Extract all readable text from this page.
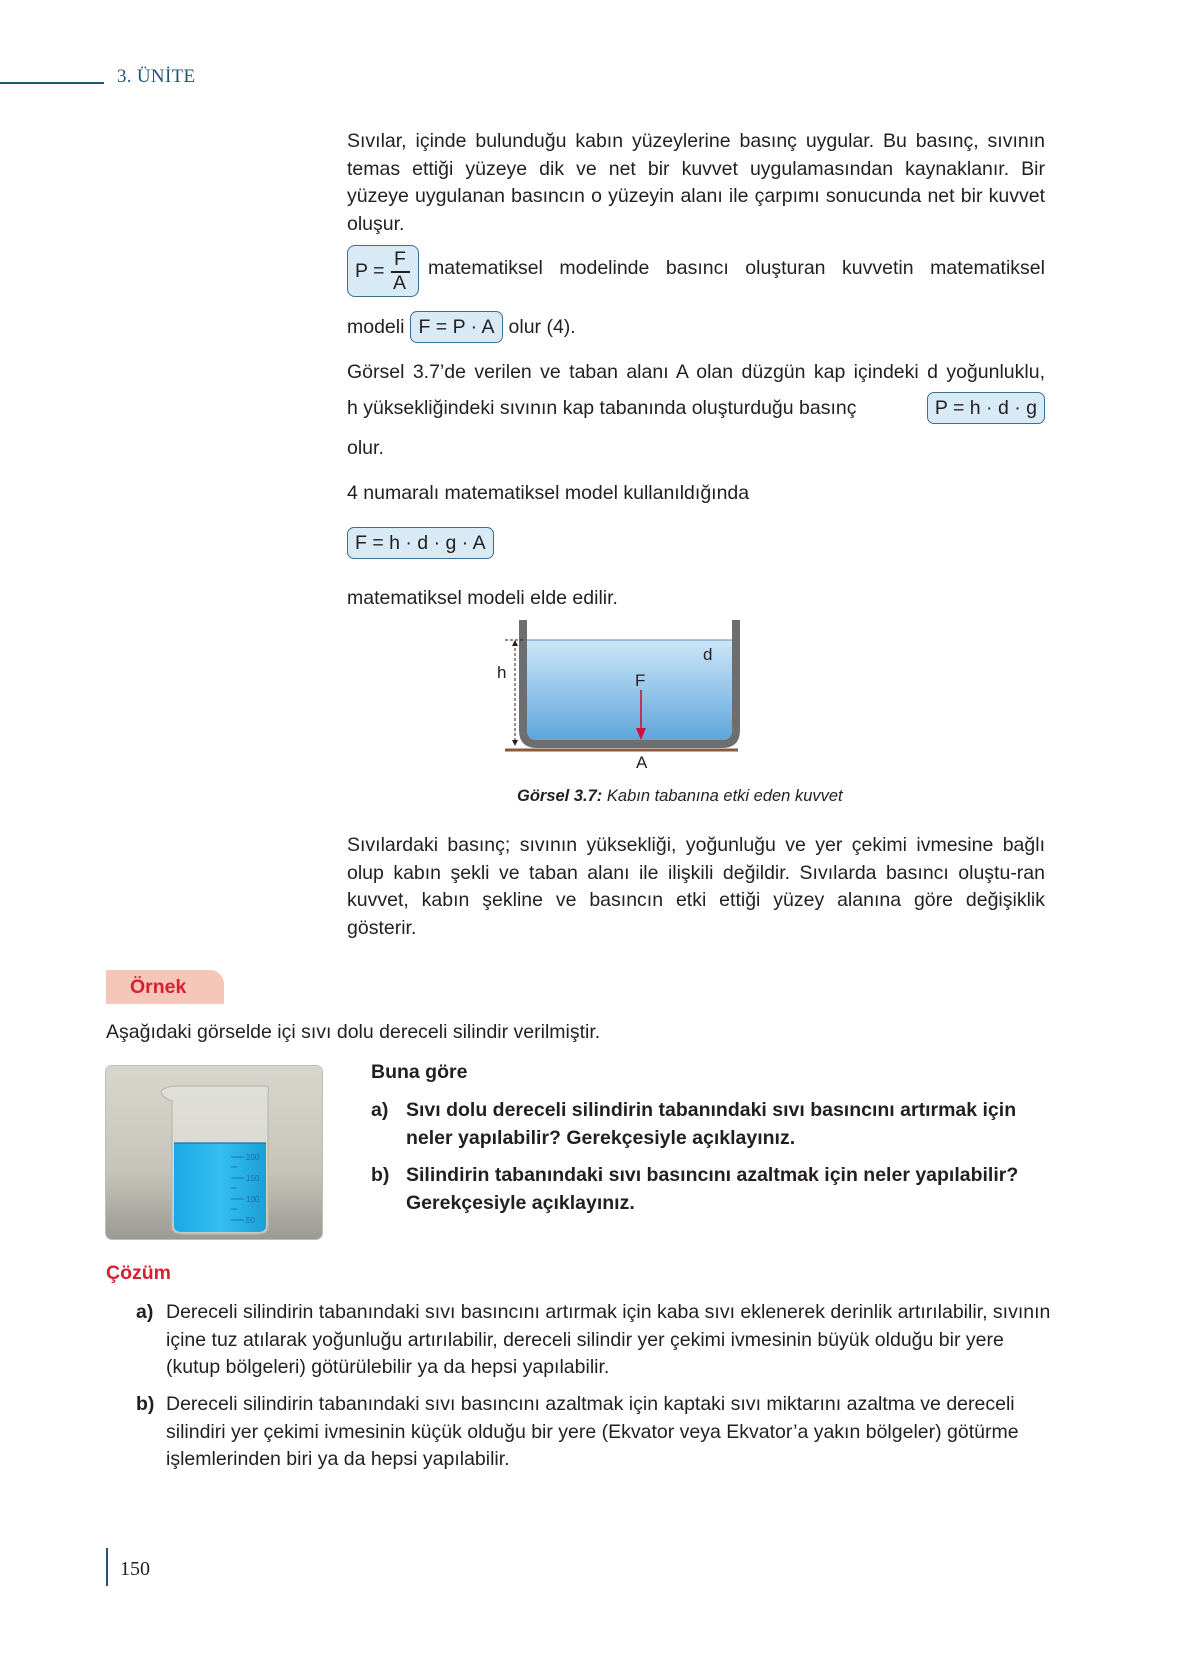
3. ÜNİTE
Sıvılar, içinde bulunduğu kabın yüzeylerine basınç uygular. Bu basınç, sıvının temas ettiği yüzeye dik ve net bir kuvvet uygulamasından kaynaklanır. Bir yüzeye uygulanan basıncın o yüzeyin alanı ile çarpımı sonucunda net bir kuvvet oluşur.
P =
F
A
matematiksel modelinde basıncı oluşturan kuvvetin matematiksel
modeli F = P · A olur (4).
Görsel 3.7’de verilen ve taban alanı A olan düzgün kap içindeki d yoğunluklu,
h yüksekliğindeki sıvının kap tabanında oluşturduğu basınç	P = h · d · g
olur.
4 numaralı matematiksel model kullanıldığında
F = h · d · g · A
matematiksel modeli elde edilir.
h
d
F
A
Görsel 3.7: Kabın tabanına etki eden kuvvet
Sıvılardaki basınç; sıvının yüksekliği, yoğunluğu ve yer çekimi ivmesine bağlı olup kabın şekli ve taban alanı ile ilişkili değildir. Sıvılarda basıncı oluştu-ran kuvvet, kabın şekline ve basıncın etki ettiği yüzey alanına göre değişiklik gösterir.
Örnek
Aşağıdaki görselde içi sıvı dolu dereceli silindir verilmiştir.
200
150
100
50
Buna göre
a) Sıvı dolu dereceli silindirin tabanındaki sıvı basıncını artırmak için neler yapılabilir? Gerekçesiyle açıklayınız.
b) Silindirin tabanındaki sıvı basıncını azaltmak için neler yapılabilir? Gerekçesiyle açıklayınız.
Çözüm
a) Dereceli silindirin tabanındaki sıvı basıncını artırmak için kaba sıvı eklenerek derinlik artırılabilir, sıvının içine tuz atılarak yoğunluğu artırılabilir, dereceli silindir yer çekimi ivmesinin büyük olduğu bir yere (kutup bölgeleri) götürülebilir ya da hepsi yapılabilir.
b) Dereceli silindirin tabanındaki sıvı basıncını azaltmak için kaptaki sıvı miktarını azaltma ve dereceli silindiri yer çekimi ivmesinin küçük olduğu bir yere (Ekvator veya Ekvator’a yakın bölgeler) götürme işlemlerinden biri ya da hepsi yapılabilir.
150
